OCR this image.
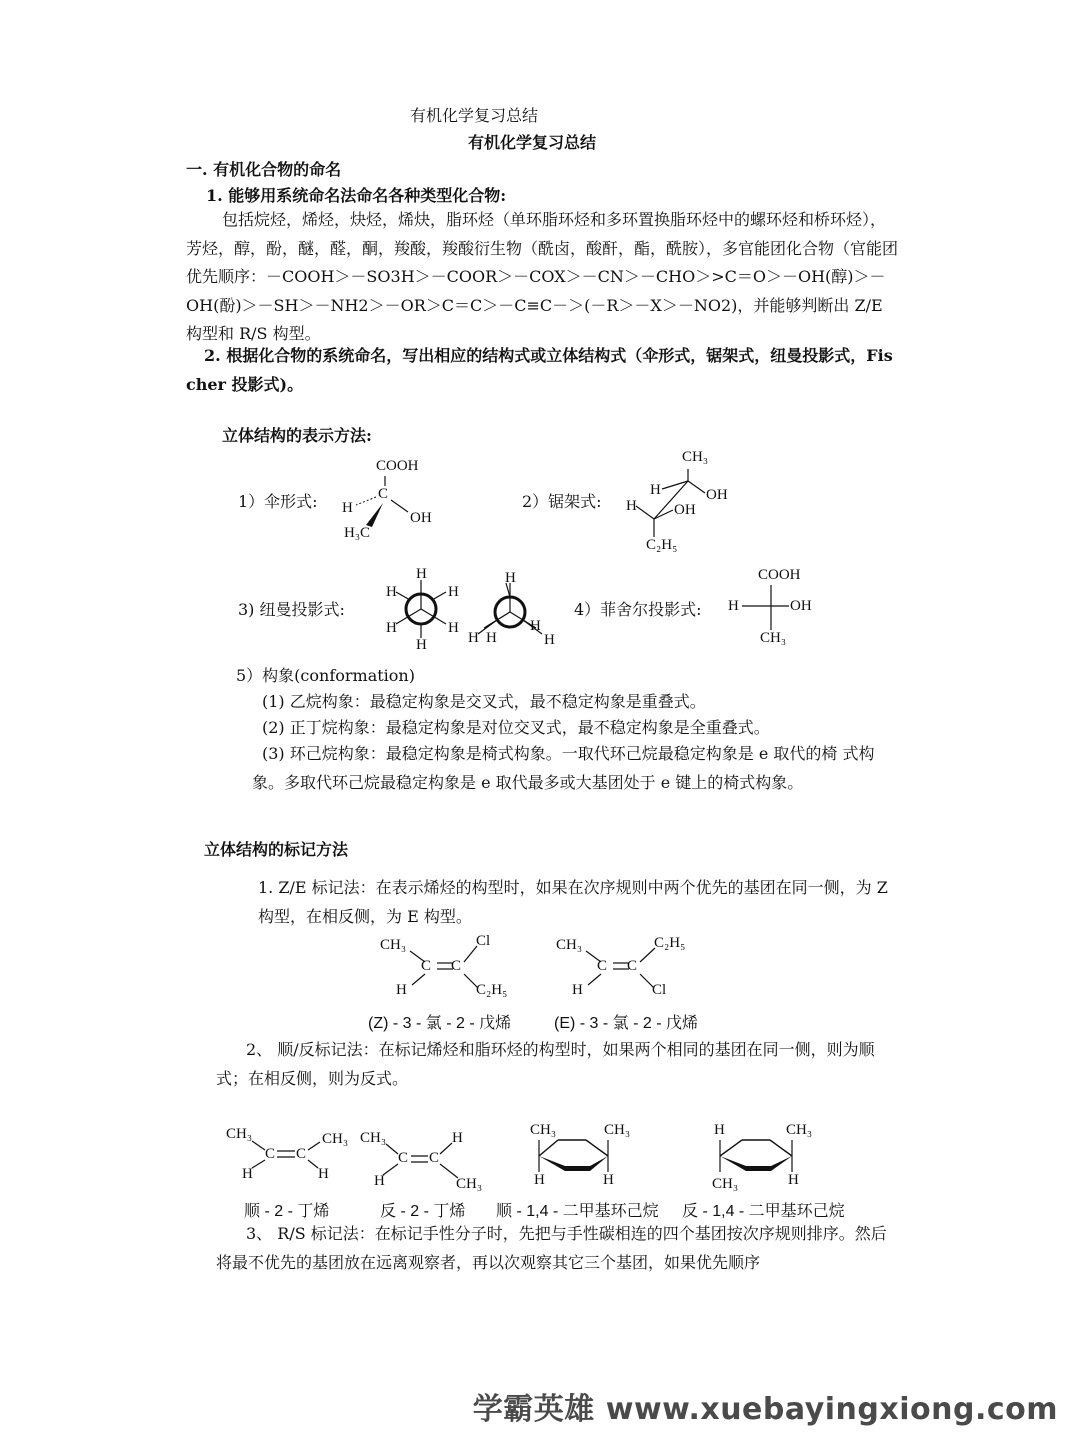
有机化学复习总结
有机化学复习总结
一. 有机化合物的命名
1. 能够用系统命名法命名各种类型化合物:
包括烷烃，烯烃，炔烃，烯炔，脂环烃（单环脂环烃和多环置换脂环烃中的螺环烃和桥环烃），芳烃，醇，酚，醚，醛，酮，羧酸，羧酸衍生物（酰卤，酸酐，酯，酰胺），多官能团化合物（官能团优先顺序：－COOH＞－SO3H＞－COOR＞－COX＞－CN＞－CHO＞>C＝O＞－OH(醇)＞－OH(酚)＞－SH＞－NH2＞－OR＞C＝C＞－C≡C－＞(－R＞－X＞－NO2)，并能够判断出 Z/E 构型和 R/S 构型。
2. 根据化合物的系统命名，写出相应的结构式或立体结构式（伞形式，锯架式，纽曼投影式，Fischer 投影式)。
立体结构的表示方法:
1）伞形式:
COOH
C
H
OH
H₃C
2）锯架式:
CH₃
H	OH
H OH
C₂H₅
3) 纽曼投影式:
H
H	H
H	H
H
H
H H
H
H
4）菲舍尔投影式:
COOH
H	OH
CH₃
5）构象(conformation)
(1) 乙烷构象：最稳定构象是交叉式，最不稳定构象是重叠式。
(2) 正丁烷构象：最稳定构象是对位交叉式，最不稳定构象是全重叠式。
(3) 环己烷构象：最稳定构象是椅式构象。一取代环己烷最稳定构象是 e 取代的椅 式构象。多取代环己烷最稳定构象是 e 取代最多或大基团处于 e 键上的椅式构象。
立体结构的标记方法
1. Z/E 标记法：在表示烯烃的构型时，如果在次序规则中两个优先的基团在同一侧，为 Z 构型，在相反侧，为 E 构型。
CH₃	Cl
C C
H	C₂H₅
CH₃	C₂H₅
C C
H	Cl
(Z) - 3 - 氯 - 2 - 戊烯	(E) - 3 - 氯 - 2 - 戊烯
2、 顺/反标记法：在标记烯烃和脂环烃的构型时，如果两个相同的基团在同一侧，则为顺式；在相反侧，则为反式。
CH₃	CH₃
C C
H	H
CH₃	H
C C
H	CH₃
CH₃	CH₃
H	H
H	CH₃
CH₃	H
顺 - 2 - 丁烯	反 - 2 - 丁烯 顺 - 1,4 - 二甲基环己烷 反 - 1,4 - 二甲基环己烷
3、 R/S 标记法：在标记手性分子时，先把与手性碳相连的四个基团按次序规则排序。然后将最不优先的基团放在远离观察者，再以次观察其它三个基团，如果优先顺序
学霸英雄 www.xuebayingxiong.com
